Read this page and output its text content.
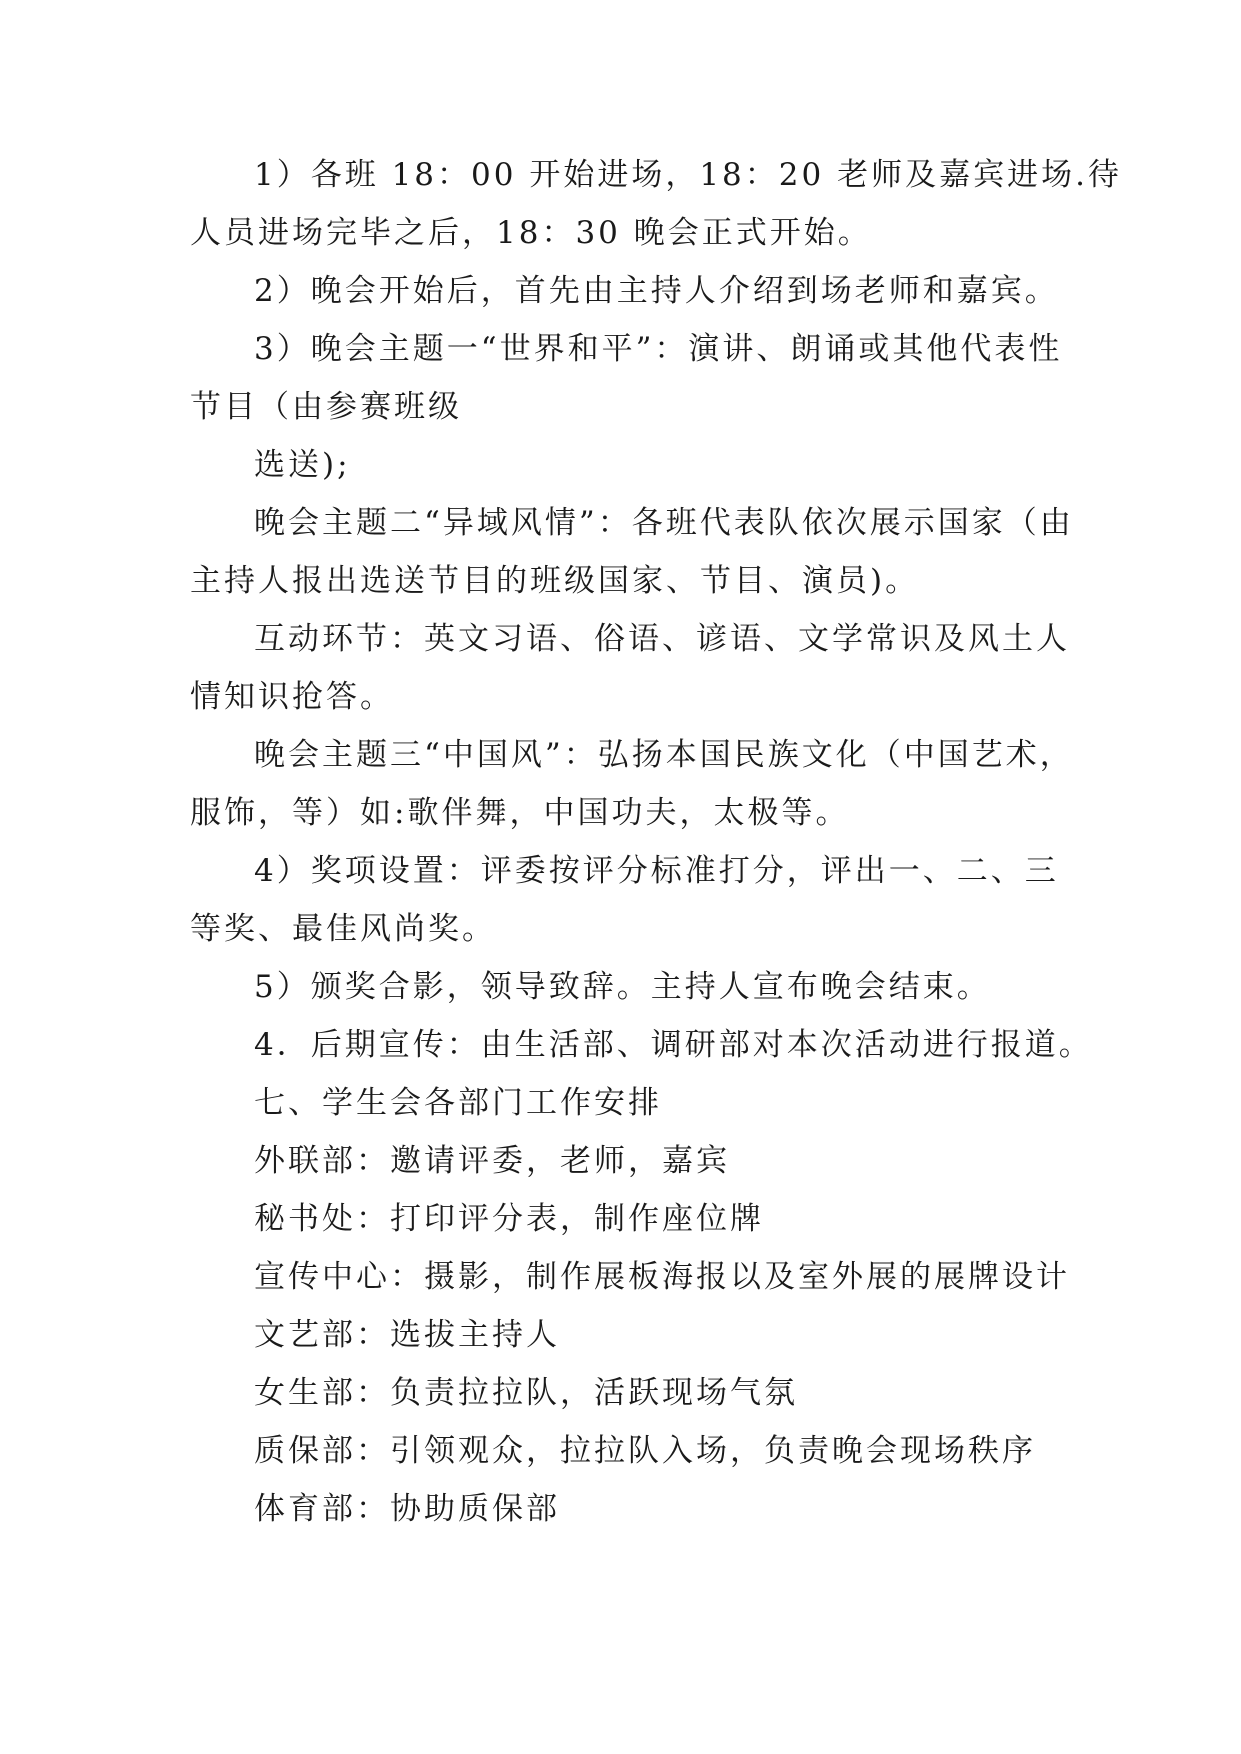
1）各班 18：00 开始进场，18：20 老师及嘉宾进场.待
人员进场完毕之后，18：30 晚会正式开始。
2）晚会开始后，首先由主持人介绍到场老师和嘉宾。
3）晚会主题一“世界和平”：演讲、朗诵或其他代表性
节目（由参赛班级
选送);
晚会主题二“异域风情”：各班代表队依次展示国家（由
主持人报出选送节目的班级国家、节目、演员)。
互动环节：英文习语、俗语、谚语、文学常识及风土人
情知识抢答。
晚会主题三“中国风”：弘扬本国民族文化（中国艺术，
服饰，等）如:歌伴舞，中国功夫，太极等。
4）奖项设置：评委按评分标准打分，评出一、二、三
等奖、最佳风尚奖。
5）颁奖合影，领导致辞。主持人宣布晚会结束。
4．后期宣传：由生活部、调研部对本次活动进行报道。
七、学生会各部门工作安排
外联部：邀请评委，老师，嘉宾
秘书处：打印评分表，制作座位牌
宣传中心：摄影，制作展板海报以及室外展的展牌设计
文艺部：选拔主持人
女生部：负责拉拉队，活跃现场气氛
质保部：引领观众，拉拉队入场，负责晚会现场秩序
体育部：协助质保部
